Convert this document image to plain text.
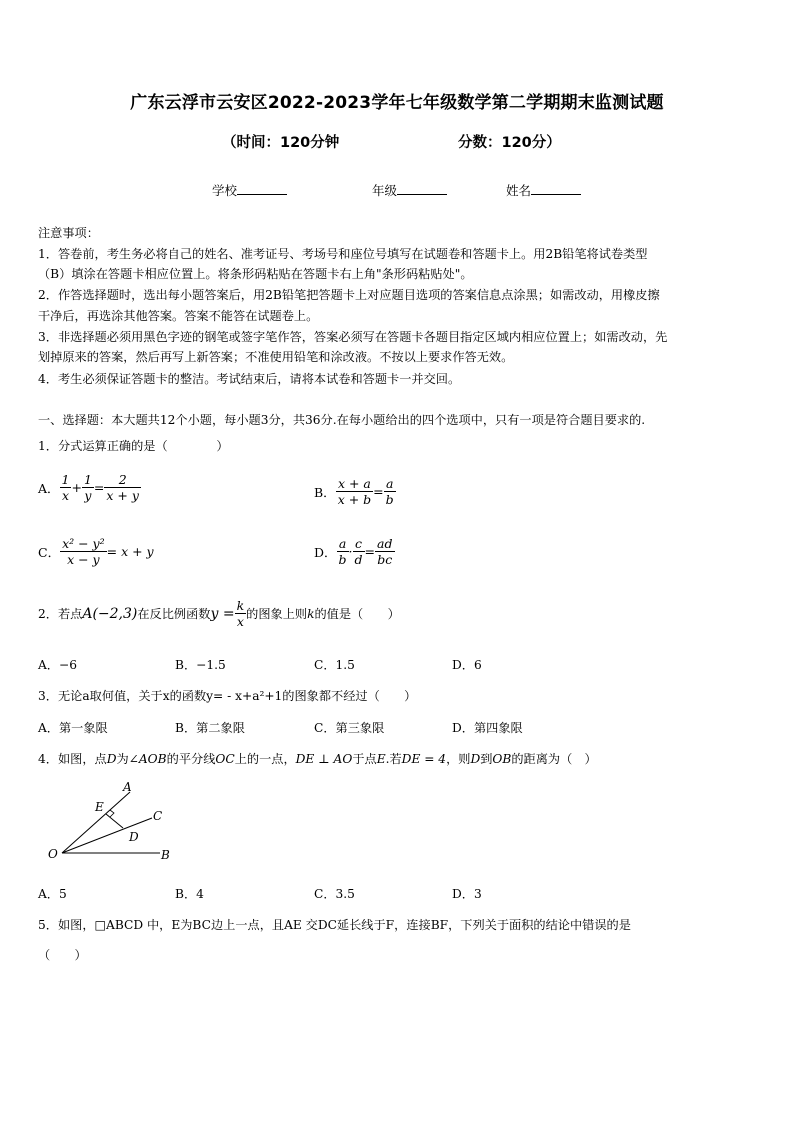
广东云浮市云安区2022-2023学年七年级数学第二学期期末监测试题
（时间：120分钟	分数：120分）
学校	年级	姓名
注意事项：
1．答卷前，考生务必将自己的姓名、准考证号、考场号和座位号填写在试题卷和答题卡上。用2B铅笔将试卷类型
（B）填涂在答题卡相应位置上。将条形码粘贴在答题卡右上角"条形码粘贴处"。
2．作答选择题时，选出每小题答案后，用2B铅笔把答题卡上对应题目选项的答案信息点涂黑；如需改动，用橡皮擦
干净后，再选涂其他答案。答案不能答在试题卷上。
3．非选择题必须用黑色字迹的钢笔或签字笔作答，答案必须写在答题卡各题目指定区域内相应位置上；如需改动，先
划掉原来的答案，然后再写上新答案；不准使用铅笔和涂改液。不按以上要求作答无效。
4．考生必须保证答题卡的整洁。考试结束后，请将本试卷和答题卡一并交回。
一、选择题：本大题共12个小题，每小题3分，共36分.在每小题给出的四个选项中，只有一项是符合题目要求的.
1．分式运算正确的是（　　　　）
A． $\frac{1}{x} + \frac{1}{y} = \frac{2}{x + y}$	B． $\frac{x + a}{x + b} = \frac{a}{b}$
C． $\frac{\text{x² − y²}}{x - y} = x + y$	D． $\frac{a}{b} \cdot \frac{c}{d} = \frac{ad}{bc}$
2．若点 A(−2,3) 在反比例函数 $y = \frac{k}{x}$ 的图象上则 k 的值是（　　）
A．−6	B．−1.5	C．1.5	D．6
3．无论a取何值，关于x的函数y= - x+a²+1的图象都不经过（　　）
A．第一象限	B．第二象限	C．第三象限	D．第四象限
4．如图，点D为∠AOB的平分线OC上的一点，DE ⊥ AO于点E.若DE = 4，则D到OB的距离为（　）
A
E
C
D
O	B
A．5	B．4	C．3.5	D．3
5．如图，□ABCD 中，E为BC边上一点，且AE 交DC延长线于F，连接BF，下列关于面积的结论中错误的是
（　　）
